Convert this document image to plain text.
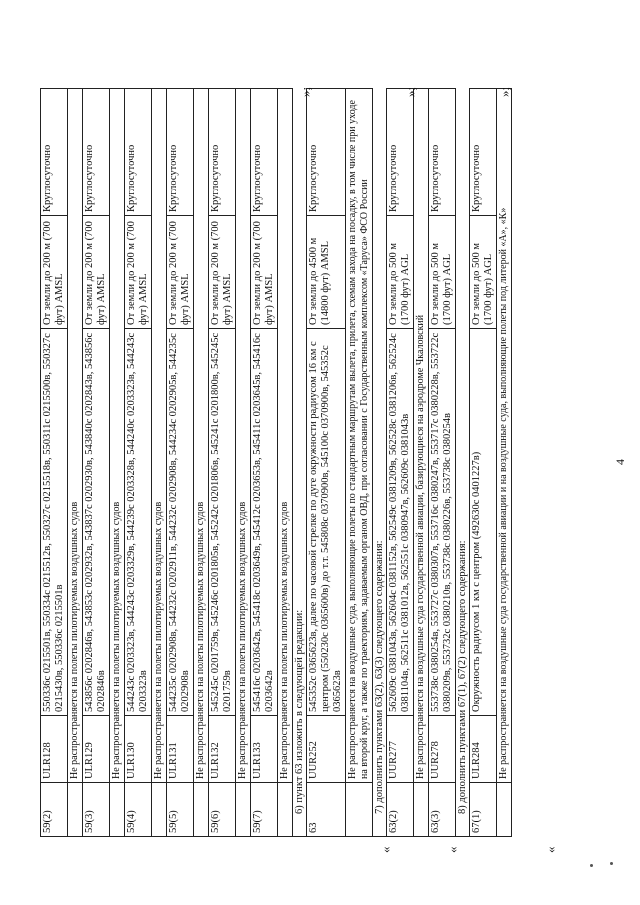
4
59(2)	ULR128	550336с 0215501в, 550334с 0215512в, 550327с 0215518в, 550311с 0215500в, 550327с 0215430в, 550336с 0215501в	От земли до 200 м (700 фут) AMSL	Круглосуточно
	Не распространяется на полеты пилотируемых воздушных судов			
59(3)	ULR129	543856с 0202846в, 543853с 0202932в, 543837с 0202930в, 543840с 0202843в, 543856с 0202846в	От земли до 200 м (700 фут) AMSL	Круглосуточно
	Не распространяется на полеты пилотируемых воздушных судов			
59(4)	ULR130	544243с 0203323в, 544243с 0203329в, 544239с 0203328в, 544240с 0203323в, 544243с 0203323в	От земли до 200 м (700 фут) AMSL	Круглосуточно
	Не распространяется на полеты пилотируемых воздушных судов			
59(5)	ULR131	544235с 0202908в, 544232с 0202911в, 544232с 0202908в, 544234с 0202905в, 544235с 0202908в	От земли до 200 м (700 фут) AMSL	Круглосуточно
	Не распространяется на полеты пилотируемых воздушных судов			
59(6)	ULR132	545245с 0201759в, 545246с 0201805в, 545242с 0201806в, 545241с 0201800в, 545245с 0201759в	От земли до 200 м (700 фут) AMSL	Круглосуточно
	Не распространяется на полеты пилотируемых воздушных судов			
59(7)	ULR133	545416с 0203642в, 545418с 0203649в, 545412с 0203653в, 545411с 0203645в, 545416с 0203642в	От земли до 200 м (700 фут) AMSL	Круглосуточно
	Не распространяется на полеты пилотируемых воздушных судов			6) пункт 63 изложить в следующей редакции:
63	UUR252	545352с 0365623в, далее по часовой стрелке по дуге окружности радиусом 16 км с центром (550230с 0365600в) до т.т. 545808с 0370900в, 545100с 0370900в, 545352с 0365623в	От земли до 4500 м (14800 фут) AMSL	Круглосуточно
	Не распространяется на воздушные суда, выполняющие полеты по стандартным маршрутам вылета, прилета, схемам захода на посадку, в том числе при уходе на второй круг, а также по траекториям, задаваемым органом ОВД, при согласовании с Государственным комплексом «Таруса» ФСО России			7) дополнить пунктами 63(2), 63(3) следующего содержания:
63(2)	UUR277	562609с 0381043в, 562604с 0381152в, 562549с 0381209в, 562528с 0381206в, 562524с 0381104в, 562511с 0381012в, 562551с 0380947в, 562609с 0381043в	От земли до 500 м (1700 фут) AGL	Круглосуточно
	Не распространяется на воздушные суда государственной авиации, базирующиеся на аэродроме Чкаловский			
63(3)	UUR278	553738с 0380254в, 553727с 0380307в, 553716с 0380247в, 553717с 0380228в, 553722с 0380209в, 553732с 0380210в, 553738с 0380226в, 553738с 0380254в	От земли до 500 м (1700 фут) AGL	Круглосуточно
8) дополнить пунктами 67(1), 67(2) следующего содержания:
67(1)	ULR284	Окружность радиусом 1 км с центром (492630с 0401227в)	От земли до 500 м (1700 фут) AGL	Круглосуточно
	Не распространяется на воздушные суда государственной авиации и на воздушные суда, выполняющие полеты под литерой «А», «К»			
«	«	«
»;	»;	»;
